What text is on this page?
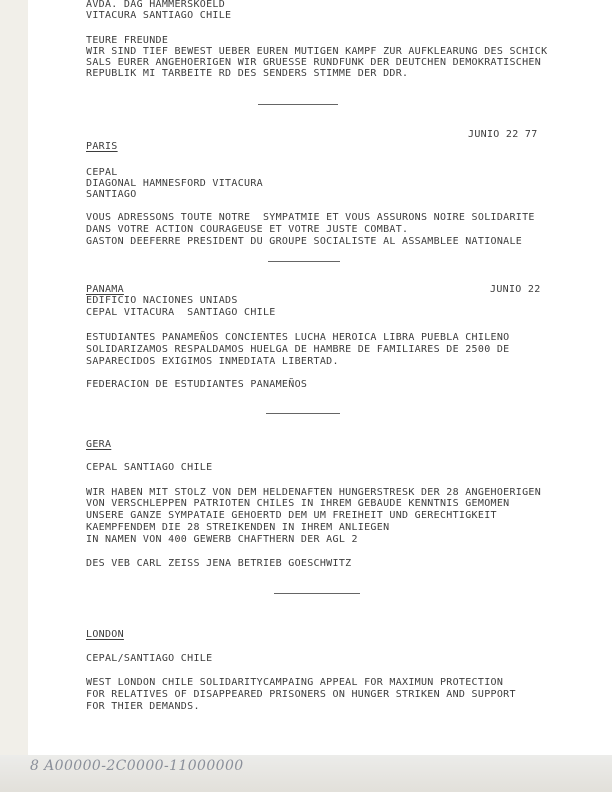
AVDA. DAG HAMMERSKOELD

VITACURA SANTIAGO CHILE

TEURE FREUNDE

WIR SIND TIEF BEWEST UEBER EUREN MUTIGEN KAMPF ZUR AUFKLEARUNG DES SCHICK

SALS EURER ANGEHOERIGEN WIR GRUESSE RUNDFUNK DER DEUTCHEN DEMOKRATISCHEN

REPUBLIK MI TARBEITE RD DES SENDERS STIMME DER DDR.

JUNIO 22 77

PARIS

CEPAL

DIAGONAL HAMNESFORD VITACURA

SANTIAGO

VOUS ADRESSONS TOUTE NOTRE  SYMPATMIE ET VOUS ASSURONS NOIRE SOLIDARITE

DANS VOTRE ACTION COURAGEUSE ET VOTRE JUSTE COMBAT.

GASTON DEEFERRE PRESIDENT DU GROUPE SOCIALISTE AL ASSAMBLEE NATIONALE

PANAMA	JUNIO 22

EDIFICIO NACIONES UNIADS

CEPAL VITACURA  SANTIAGO CHILE

ESTUDIANTES PANAMEÑOS CONCIENTES LUCHA HEROICA LIBRA PUEBLA CHILENO

SOLIDARIZAMOS RESPALDAMOS HUELGA DE HAMBRE DE FAMILIARES DE 2500 DE

SAPARECIDOS EXIGIMOS INMEDIATA LIBERTAD.

FEDERACION DE ESTUDIANTES PANAMEÑOS

GERA

CEPAL SANTIAGO CHILE

WIR HABEN MIT STOLZ VON DEM HELDENAFTEN HUNGERSTRESK DER 28 ANGEHOERIGEN

VON VERSCHLEPPEN PATRIOTEN CHILES IN IHREM GEBAUDE KENNTNIS GEMOMEN

UNSERE GANZE SYMPATAIE GEHOERTD DEM UM FREIHEIT UND GERECHTIGKEIT

KAEMPFENDEM DIE 28 STREIKENDEN IN IHREM ANLIEGEN

IN NAMEN VON 400 GEWERB CHAFTHERN DER AGL 2

DES VEB CARL ZEISS JENA BETRIEB GOESCHWITZ

LONDON

CEPAL/SANTIAGO CHILE

WEST LONDON CHILE SOLIDARITYCAMPAING APPEAL FOR MAXIMUN PROTECTION

FOR RELATIVES OF DISAPPEARED PRISONERS ON HUNGER STRIKEN AND SUPPORT

FOR THIER DEMANDS.

8 A00000-2C0000-11000000
